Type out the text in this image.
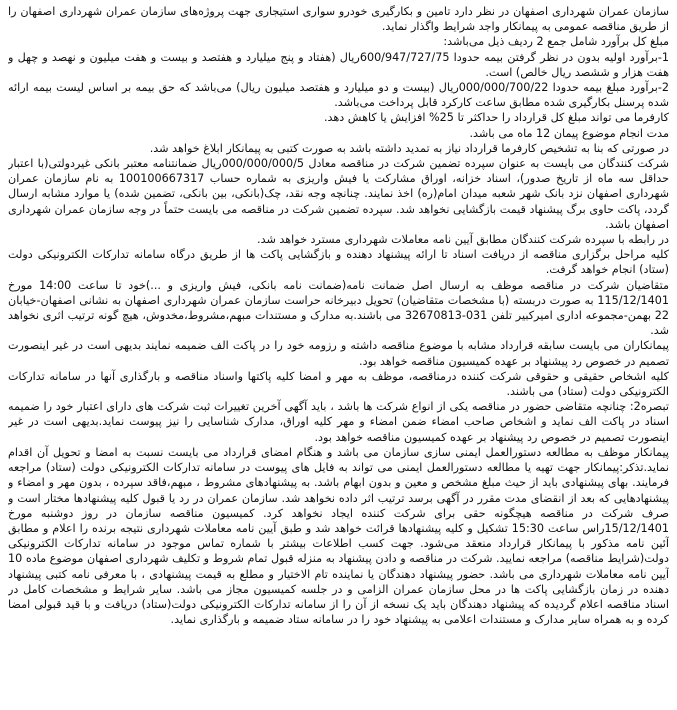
سازمان عمران شهرداری اصفهان در نظر دارد تامین و بکارگیری خودرو سواری استیجاری جهت پروژه‌های سازمان عمران شهرداری اصفهان را از طریق مناقصه عمومی به پیمانکار واجد شرایط واگذار نماید.

مبلغ کل برآورد شامل جمع 2 ردیف ذیل می‌باشد:

1-برآورد اولیه بدون در نظر گرفتن بیمه حدودا 600/947/727/75ریال (هفتاد و پنج میلیارد و هفتصد و بیست و هفت میلیون و نهصد و چهل و هفت هزار و ششصد ریال خالص) است.

2-برآورد مبلغ بیمه حدودا 000/000/700/22ریال (بیست و دو میلیارد و هفتصد میلیون ریال) می‌باشد که حق بیمه بر اساس لیست بیمه ارائه شده پرسنل بکارگیری شده مطابق ساعت کارکرد قابل پرداخت می‌باشد.

کارفرما می تواند مبلغ کل قرارداد را حداکثر تا 25% افزایش یا کاهش دهد.

مدت انجام موضوع پیمان 12 ماه می باشد.

در صورتی که بنا به تشخیص کارفرما قرارداد نیاز به تمدید داشته باشد به صورت کتبی به پیمانکار ابلاغ خواهد شد.

شرکت کنندگان می بایست به عنوان سپرده تضمین شرکت در مناقصه معادل 000/000/000/5ریال ضمانتنامه معتبر بانکی غیردولتی(با اعتبار حداقل سه ماه از تاریخ صدور)، اسناد خزانه، اوراق مشارکت یا فیش واریزی به شماره حساب 100100667317 به نام سازمان عمران شهرداری اصفهان نزد بانک شهر شعبه میدان امام(ره) اخذ نمایند. چنانچه وجه نقد، چک(بانکی، بین بانکی، تضمین شده) یا موارد مشابه ارسال گردد، پاکت حاوی برگ پیشنهاد قیمت بازگشایی نخواهد شد. سپرده تضمین شرکت در مناقصه می بایست حتماً در وجه سازمان عمران شهرداری اصفهان باشد.

در رابطه با سپرده شرکت کنندگان مطابق آیین نامه معاملات شهرداری مسترد خواهد شد.

کلیه مراحل برگزاری مناقصه از دریافت اسناد تا ارائه پیشنهاد دهنده و بازگشایی پاکت ها از طریق درگاه سامانه تدارکات الکترونیکی دولت (ستاد) انجام خواهد گرفت.

متقاضیان شرکت در مناقصه موظف به ارسال اصل ضمانت نامه(ضمانت نامه بانکی، فیش واریزی و ...)خود تا ساعت 14:00 مورخ 115/12/1401 به صورت دربسته (با مشخصات متقاضیان) تحویل دبیرخانه حراست سازمان عمران شهرداری اصفهان به نشانی اصفهان-خیابان 22 بهمن-مجموعه اداری امیرکبیر تلفن 031-32670813 می باشند.به مدارک و مستندات مبهم،مشروط،مخدوش، هیچ گونه ترتیب اثری نخواهد شد.

پیمانکاران می بایست سابقه قرارداد مشابه با موضوع مناقصه داشته و رزومه خود را در پاکت الف ضمیمه نمایند بدیهی است در غیر اینصورت تصمیم در خصوص رد پیشنهاد بر عهده کمیسیون مناقصه خواهد بود.

کلیه اشخاص حقیقی و حقوقی شرکت کننده درمناقصه، موظف به مهر و امضا کلیه پاکتها واسناد مناقصه و بارگذاری آنها در سامانه تدارکات الکترونیکی دولت (ستاد) می باشند.

تبصره2: چنانچه متقاضی حضور در مناقصه یکی از انواع شرکت ها باشد ، باید آگهی آخرین تغییرات ثبت شرکت های دارای اعتبار خود را ضمیمه اسناد در پاکت الف نماید و اشخاص صاحب امضاء ضمن امضاء و مهر کلیه اوراق، مدارک شناسایی را نیز پیوست نماید.بدیهی است در غیر اینصورت تصمیم در خصوص رد پیشنهاد بر عهده کمیسیون مناقصه خواهد بود.

پیمانکار موظف به مطالعه دستورالعمل ایمنی سازی سازمان می باشد و هنگام امضای قرارداد می بایست نسبت به امضا و تحویل آن اقدام نماید.تذکر:پیمانکار جهت تهیه یا مطالعه دستورالعمل ایمنی می تواند به فایل های پیوست در سامانه تدارکات الکترونیکی دولت (ستاد) مراجعه فرمایند. بهای پیشنهادی باید از حیث مبلغ مشخص و معین و بدون ابهام باشد. به پیشنهادهای مشروط ، مبهم،فاقد سپرده ، بدون مهر و امضاء و پیشنهادهایی که بعد از انقضای مدت مقرر در آگهی برسد ترتیب اثر داده نخواهد شد. سازمان عمران در رد یا قبول کلیه پیشنهادها مختار است و صرف شرکت در مناقصه هیچگونه حقی برای شرکت کننده ایجاد نخواهد کرد. کمیسیون مناقصه سازمان در روز دوشنبه مورخ 15/12/1401راس ساعت 15:30 تشکیل و کلیه پیشنهادها قرائت خواهد شد و طبق آیین نامه معاملات شهرداری نتیجه برنده را اعلام و مطابق آئین نامه مذکور با پیمانکار قرارداد منعقد می‌شود. جهت کسب اطلاعات بیشتر با شماره تماس موجود در سامانه تدارکات الکترونیکی دولت(شرایط مناقصه) مراجعه نمایید. شرکت در مناقصه و دادن پیشنهاد به منزله قبول تمام شروط و تکلیف شهرداری اصفهان موضوع ماده 10 آیین نامه معاملات شهرداری می باشد. حضور پیشنهاد دهندگان یا نماینده تام الاختیار و مطلع به قیمت پیشنهادی ، با معرفی نامه کتبی پیشنهاد دهنده در زمان بازگشایی پاکت ها در محل سازمان عمران الزامی و در جلسه کمیسیون مجاز می باشد. سایر شرایط و مشخصات کامل در اسناد مناقصه اعلام گردیده که پیشنهاد دهندگان باید یک نسخه از آن را از سامانه تدارکات الکترونیکی دولت(ستاد) دریافت و با قید قبولی امضا کرده و به همراه سایر مدارک و مستندات اعلامی به پیشنهاد خود را در سامانه ستاد ضمیمه و بارگذاری نماید.
